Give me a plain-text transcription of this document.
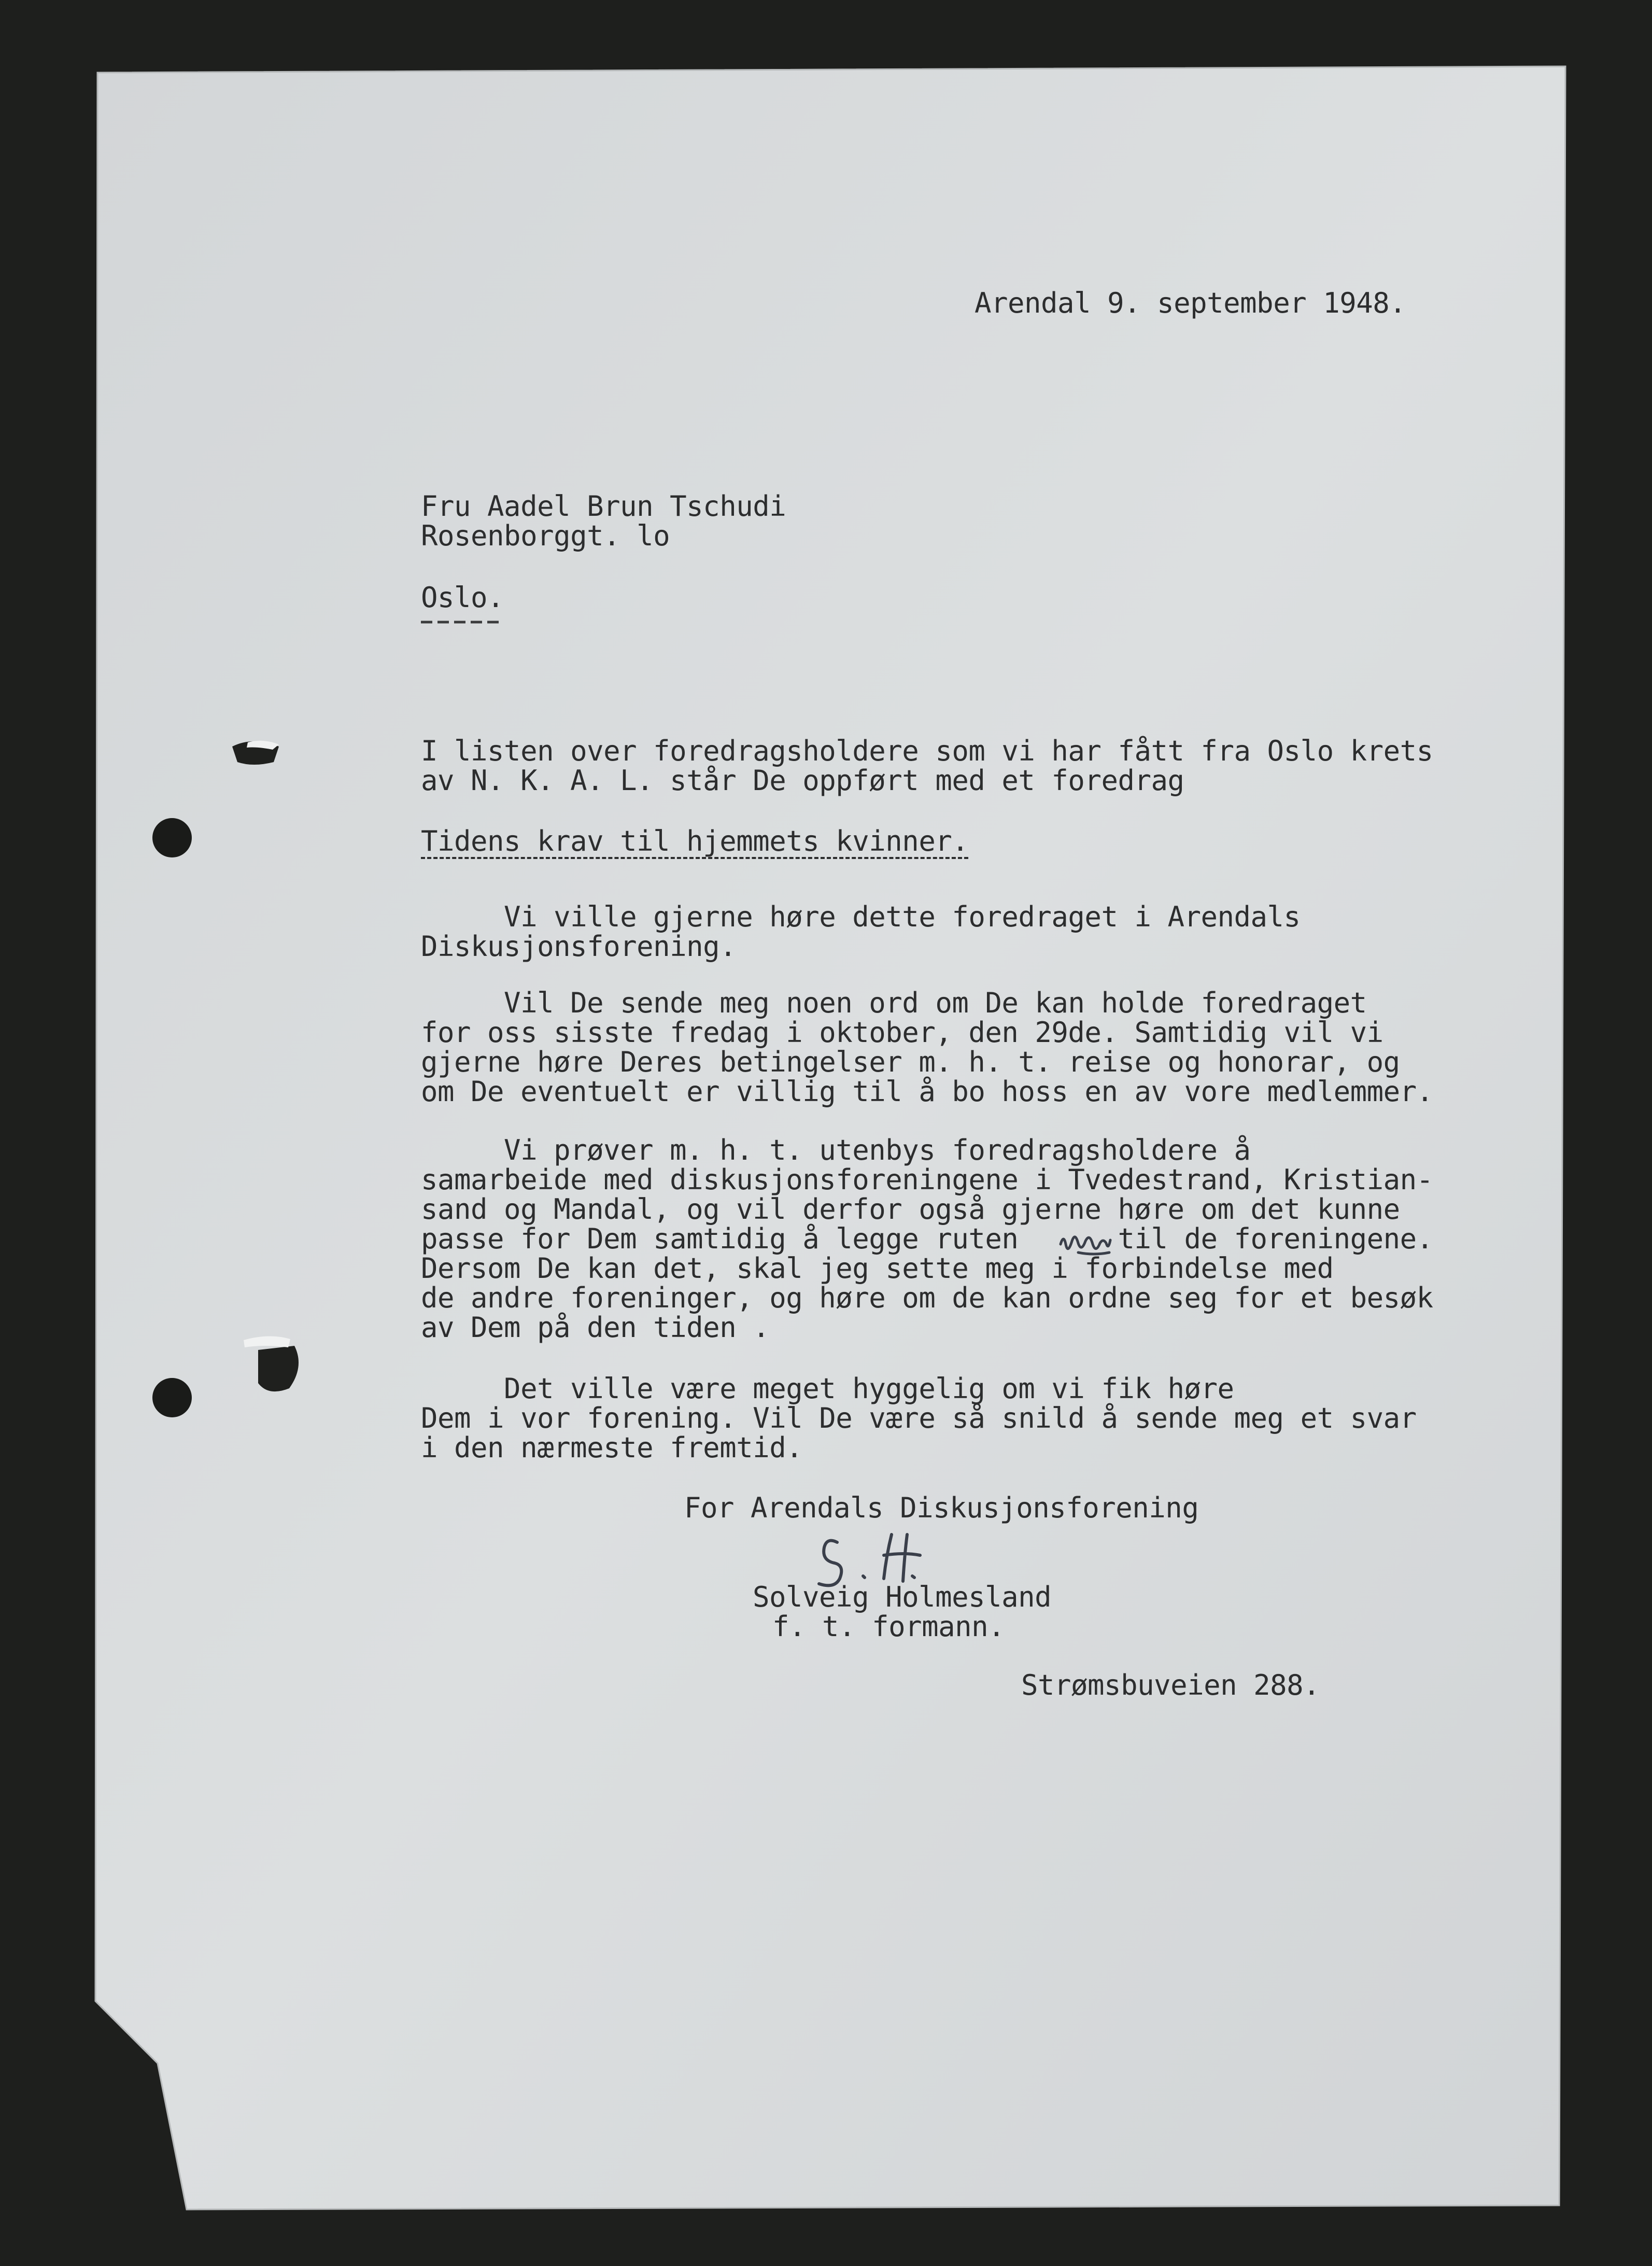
Arendal 9. september 1948.

Fru Aadel Brun Tschudi

Rosenborggt. lo

Oslo.

I listen over foredragsholdere som vi har fått fra Oslo krets

av N. K. A. L. står De oppført med et foredrag

Tidens krav til hjemmets kvinner.

Vi ville gjerne høre dette foredraget i Arendals

Diskusjonsforening.

Vil De sende meg noen ord om De kan holde foredraget

for oss sisste fredag i oktober, den 29de. Samtidig vil vi

gjerne høre Deres betingelser m. h. t. reise og honorar, og

om De eventuelt er villig til å bo hoss en av vore medlemmer.

Vi prøver m. h. t. utenbys foredragsholdere å

samarbeide med diskusjonsforeningene i Tvedestrand, Kristian-

sand og Mandal, og vil derfor også gjerne høre om det kunne

passe for Dem samtidig å legge ruten      til de foreningene.

Dersom De kan det, skal jeg sette meg i forbindelse med

de andre foreninger, og høre om de kan ordne seg for et besøk

av Dem på den tiden .

Det ville være meget hyggelig om vi fik høre

Dem i vor forening. Vil De være så snild å sende meg et svar

i den nærmeste fremtid.

For Arendals Diskusjonsforening

Solveig Holmesland

f. t. formann.

Strømsbuveien 288.
